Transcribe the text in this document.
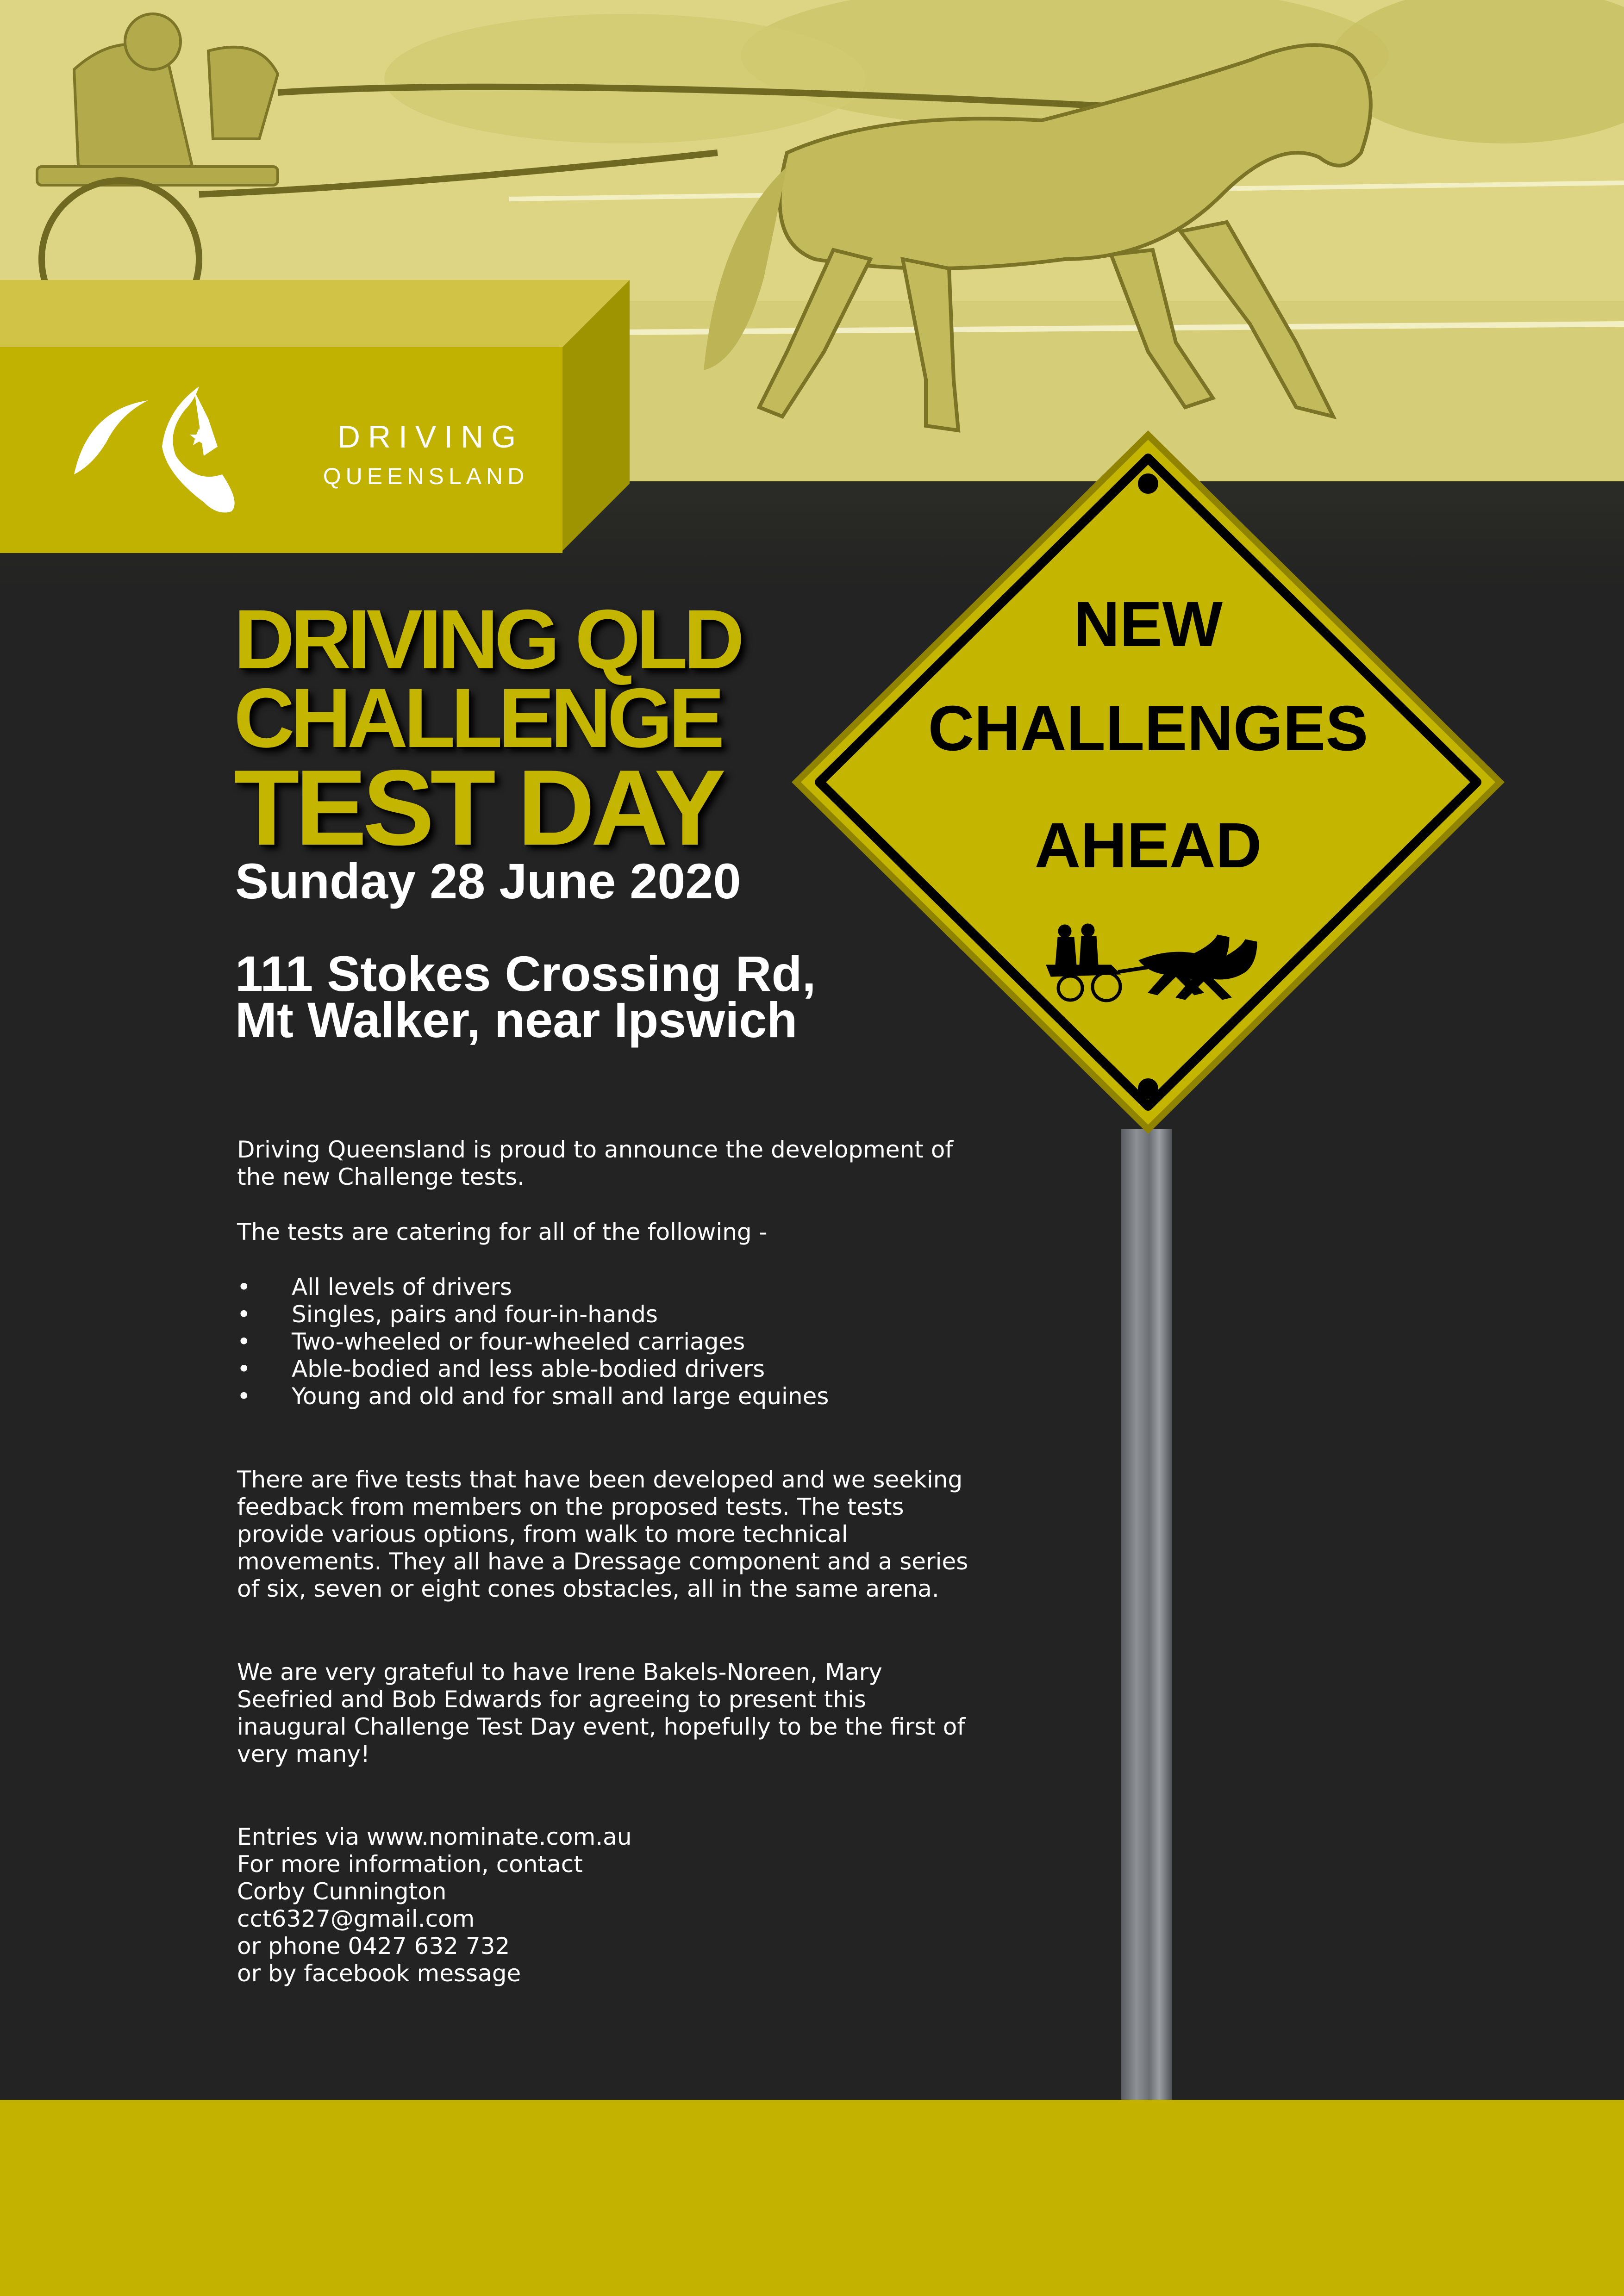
DRIVING
QUEENSLAND
NEW
CHALLENGES
AHEAD
DRIVING QLD
CHALLENGE
TEST DAY
Sunday 28 June 2020
111 Stokes Crossing Rd,
Mt Walker, near Ipswich
Driving Queensland is proud to announce the development of the new Challenge tests.
The tests are catering for all of the following -
• All levels of drivers
• Singles, pairs and four-in-hands
• Two-wheeled or four-wheeled carriages
• Able-bodied and less able-bodied drivers
• Young and old and for small and large equines
There are five tests that have been developed and we seeking feedback from members on the proposed tests. The tests provide various options, from walk to more technical movements. They all have a Dressage component and a series of six, seven or eight cones obstacles, all in the same arena.
We are very grateful to have Irene Bakels-Noreen, Mary Seefried and Bob Edwards for agreeing to present this inaugural Challenge Test Day event, hopefully to be the first of very many!
Entries via www.nominate.com.au
For more information, contact
Corby Cunnington
cct6327@gmail.com
or phone 0427 632 732
or by facebook message
